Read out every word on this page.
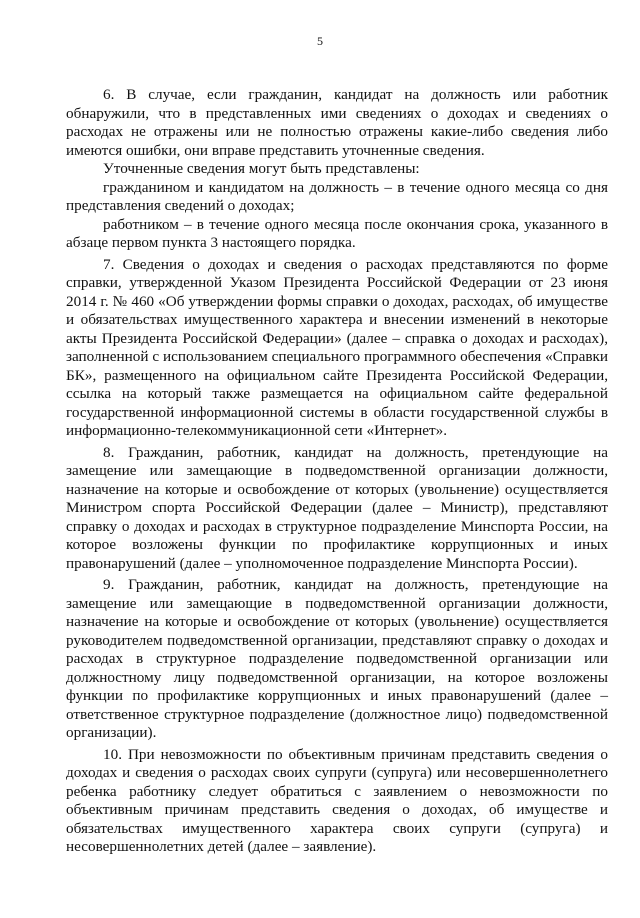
5

6. В случае, если гражданин, кандидат на должность или работник обнаружили, что в представленных ими сведениях о доходах и сведениях о расходах не отражены или не полностью отражены какие-либо сведения либо имеются ошибки, они вправе представить уточненные сведения.

Уточненные сведения могут быть представлены:

гражданином и кандидатом на должность – в течение одного месяца со дня представления сведений о доходах;

работником – в течение одного месяца после окончания срока, указанного в абзаце первом пункта 3 настоящего порядка.

7. Сведения о доходах и сведения о расходах представляются по форме справки, утвержденной Указом Президента Российской Федерации от 23 июня 2014 г. № 460 «Об утверждении формы справки о доходах, расходах, об имуществе и обязательствах имущественного характера и внесении изменений в некоторые акты Президента Российской Федерации» (далее – справка о доходах и расходах), заполненной с использованием специального программного обеспечения «Справки БК», размещенного на официальном сайте Президента Российской Федерации, ссылка на который также размещается на официальном сайте федеральной государственной информационной системы в области государственной службы в информационно-телекоммуникационной сети «Интернет».

8. Гражданин, работник, кандидат на должность, претендующие на замещение или замещающие в подведомственной организации должности, назначение на которые и освобождение от которых (увольнение) осуществляется Министром спорта Российской Федерации (далее – Министр), представляют справку о доходах и расходах в структурное подразделение Минспорта России, на которое возложены функции по профилактике коррупционных и иных правонарушений (далее – уполномоченное подразделение Минспорта России).

9. Гражданин, работник, кандидат на должность, претендующие на замещение или замещающие в подведомственной организации должности, назначение на которые и освобождение от которых (увольнение) осуществляется руководителем подведомственной организации, представляют справку о доходах и расходах в структурное подразделение подведомственной организации или должностному лицу подведомственной организации, на которое возложены функции по профилактике коррупционных и иных правонарушений (далее – ответственное структурное подразделение (должностное лицо) подведомственной организации).

10. При невозможности по объективным причинам представить сведения о доходах и сведения о расходах своих супруги (супруга) или несовершеннолетнего ребенка работнику следует обратиться с заявлением о невозможности по объективным причинам представить сведения о доходах, об имуществе и обязательствах имущественного характера своих супруги (супруга) и несовершеннолетних детей (далее – заявление).
